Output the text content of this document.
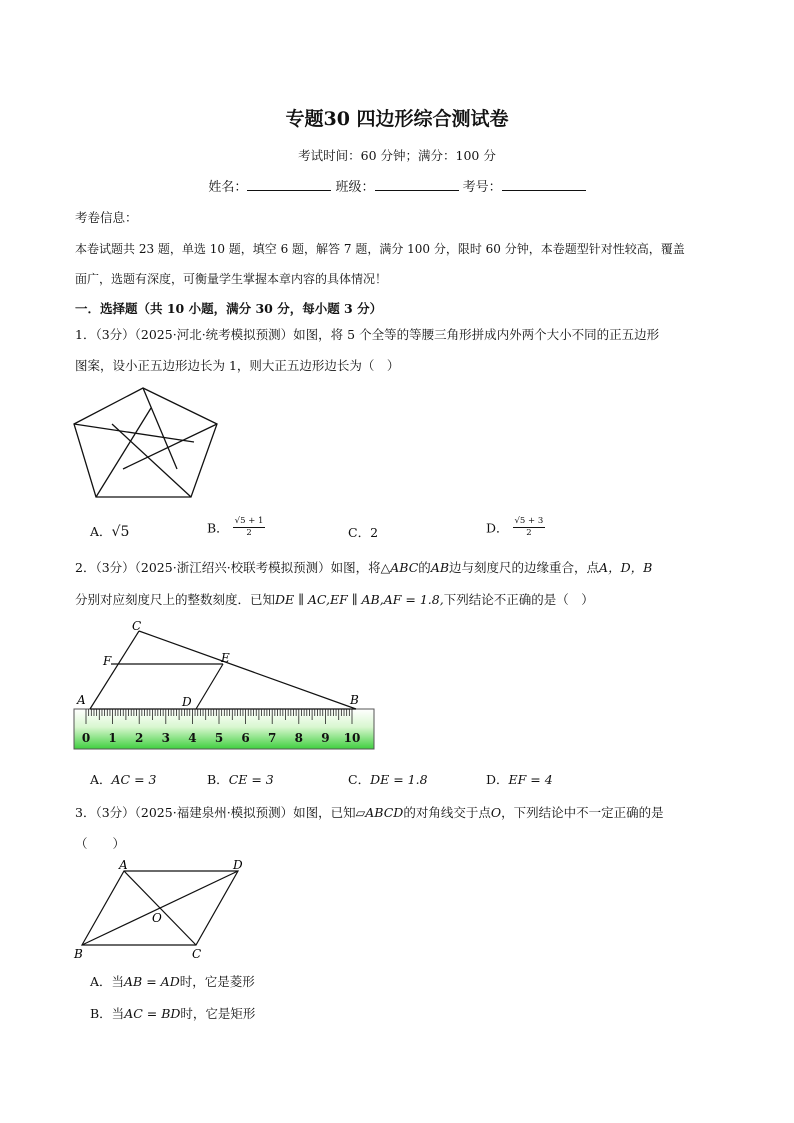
专题30 四边形综合测试卷
考试时间：60 分钟；满分：100 分
姓名：	班级：	考号：
考卷信息：
本卷试题共 23 题，单选 10 题，填空 6 题，解答 7 题，满分 100 分，限时 60 分钟，本卷题型针对性较高，覆盖
面广，选题有深度，可衡量学生掌握本章内容的具体情况！
一．选择题（共 10 小题，满分 30 分，每小题 3 分）
1．（3分）（2025·河北·统考模拟预测）如图，将 5 个全等的等腰三角形拼成内外两个大小不同的正五边形
图案，设小正五边形边长为 1，则大正五边形边长为（　）
A．√5	B． $\frac{√5 + 1}{2}$	C．2	D． $\frac{√5 + 3}{2}$
2．（3分）（2025·浙江绍兴·校联考模拟预测）如图，将△ABC的AB边与刻度尺的边缘重合，点A，D，B
分别对应刻度尺上的整数刻度．已知DE ∥ AC,EF ∥ AB,AF = 1.8,下列结论不正确的是（　）
0 1 2 3 4 5 6 7 8 9 10
C
F	E
A	D	B
A．AC = 3	B．CE = 3	C．DE = 1.8	D．EF = 4
3．（3分）（2025·福建泉州·模拟预测）如图，已知▱ABCD的对角线交于点O，下列结论中不一定正确的是
（　　）
A	D
O
B	C
A．当AB = AD时，它是菱形
B．当AC = BD时，它是矩形
